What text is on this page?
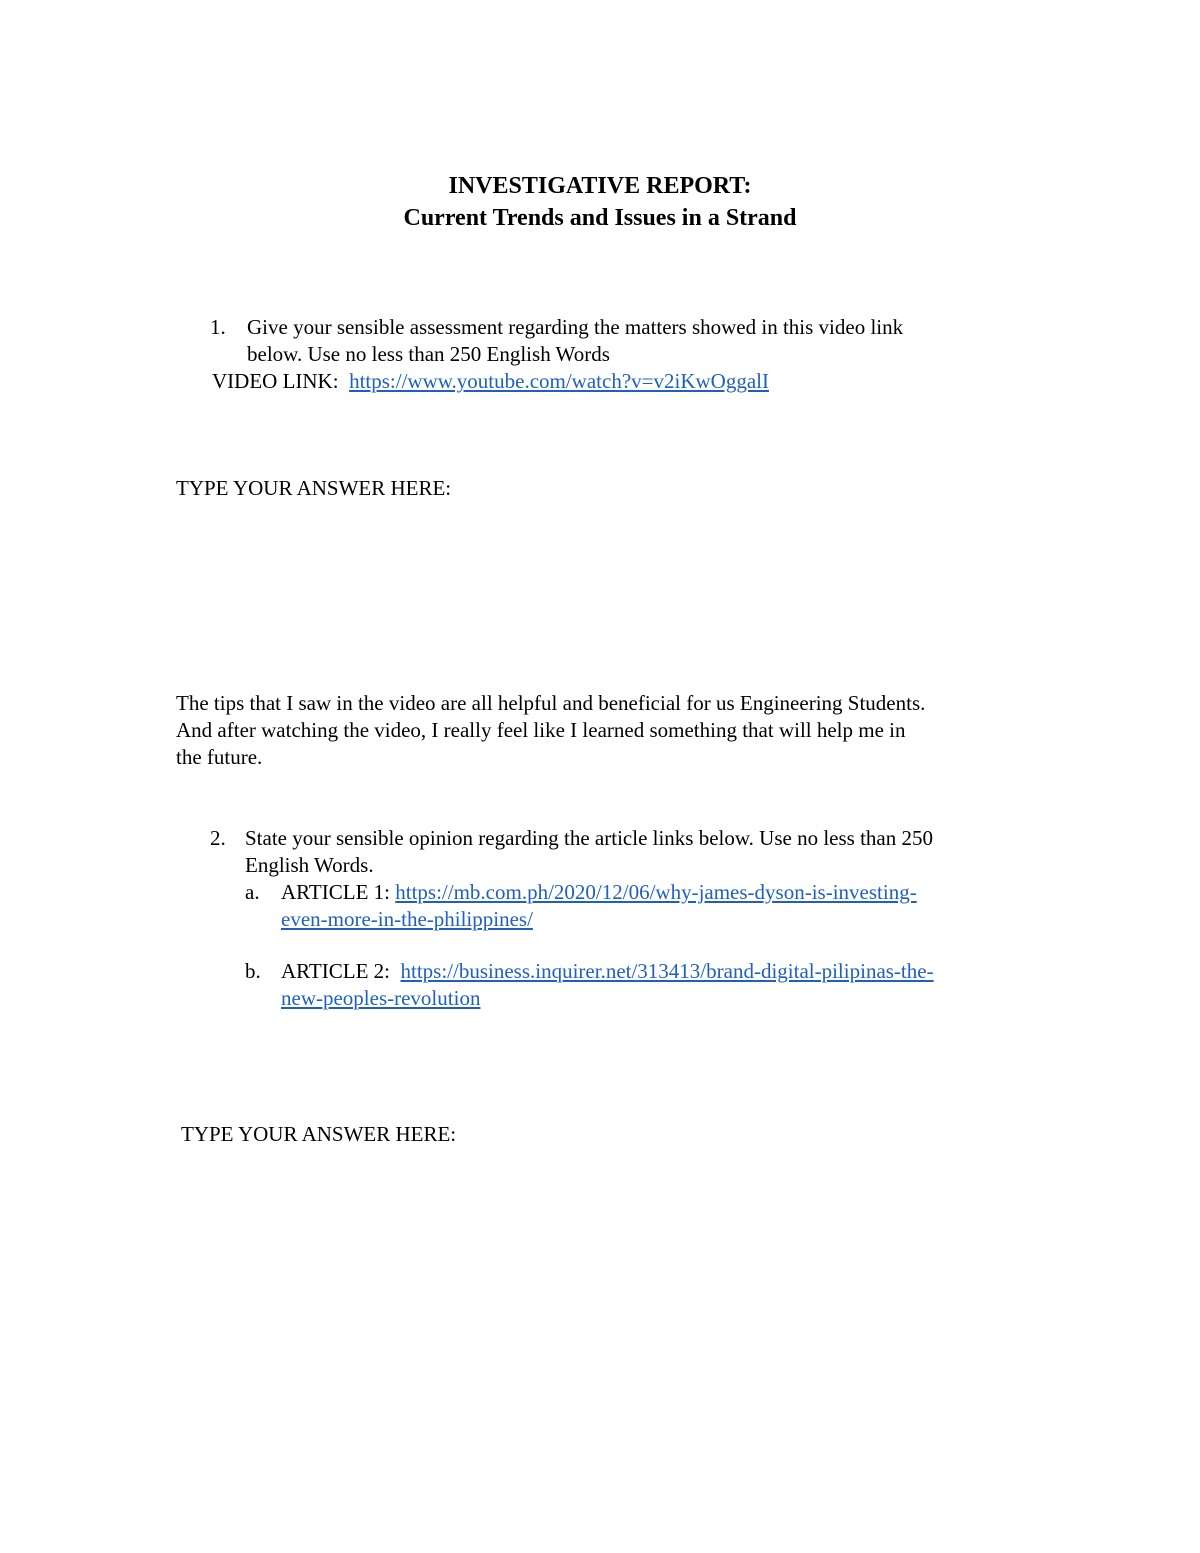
INVESTIGATIVE REPORT:
Current Trends and Issues in a Strand
1. Give your sensible assessment regarding the matters showed in this video link

below. Use no less than 250 English Words

VIDEO LINK: https://www.youtube.com/watch?v=v2iKwOggalI

TYPE YOUR ANSWER HERE:

The tips that I saw in the video are all helpful and beneficial for us Engineering Students.

And after watching the video, I really feel like I learned something that will help me in

the future.

2. State your sensible opinion regarding the article links below. Use no less than 250

English Words.

a. ARTICLE 1: https://mb.com.ph/2020/12/06/why-james-dyson-is-investing-

even-more-in-the-philippines/

b. ARTICLE 2: https://business.inquirer.net/313413/brand-digital-pilipinas-the-

new-peoples-revolution

TYPE YOUR ANSWER HERE:
